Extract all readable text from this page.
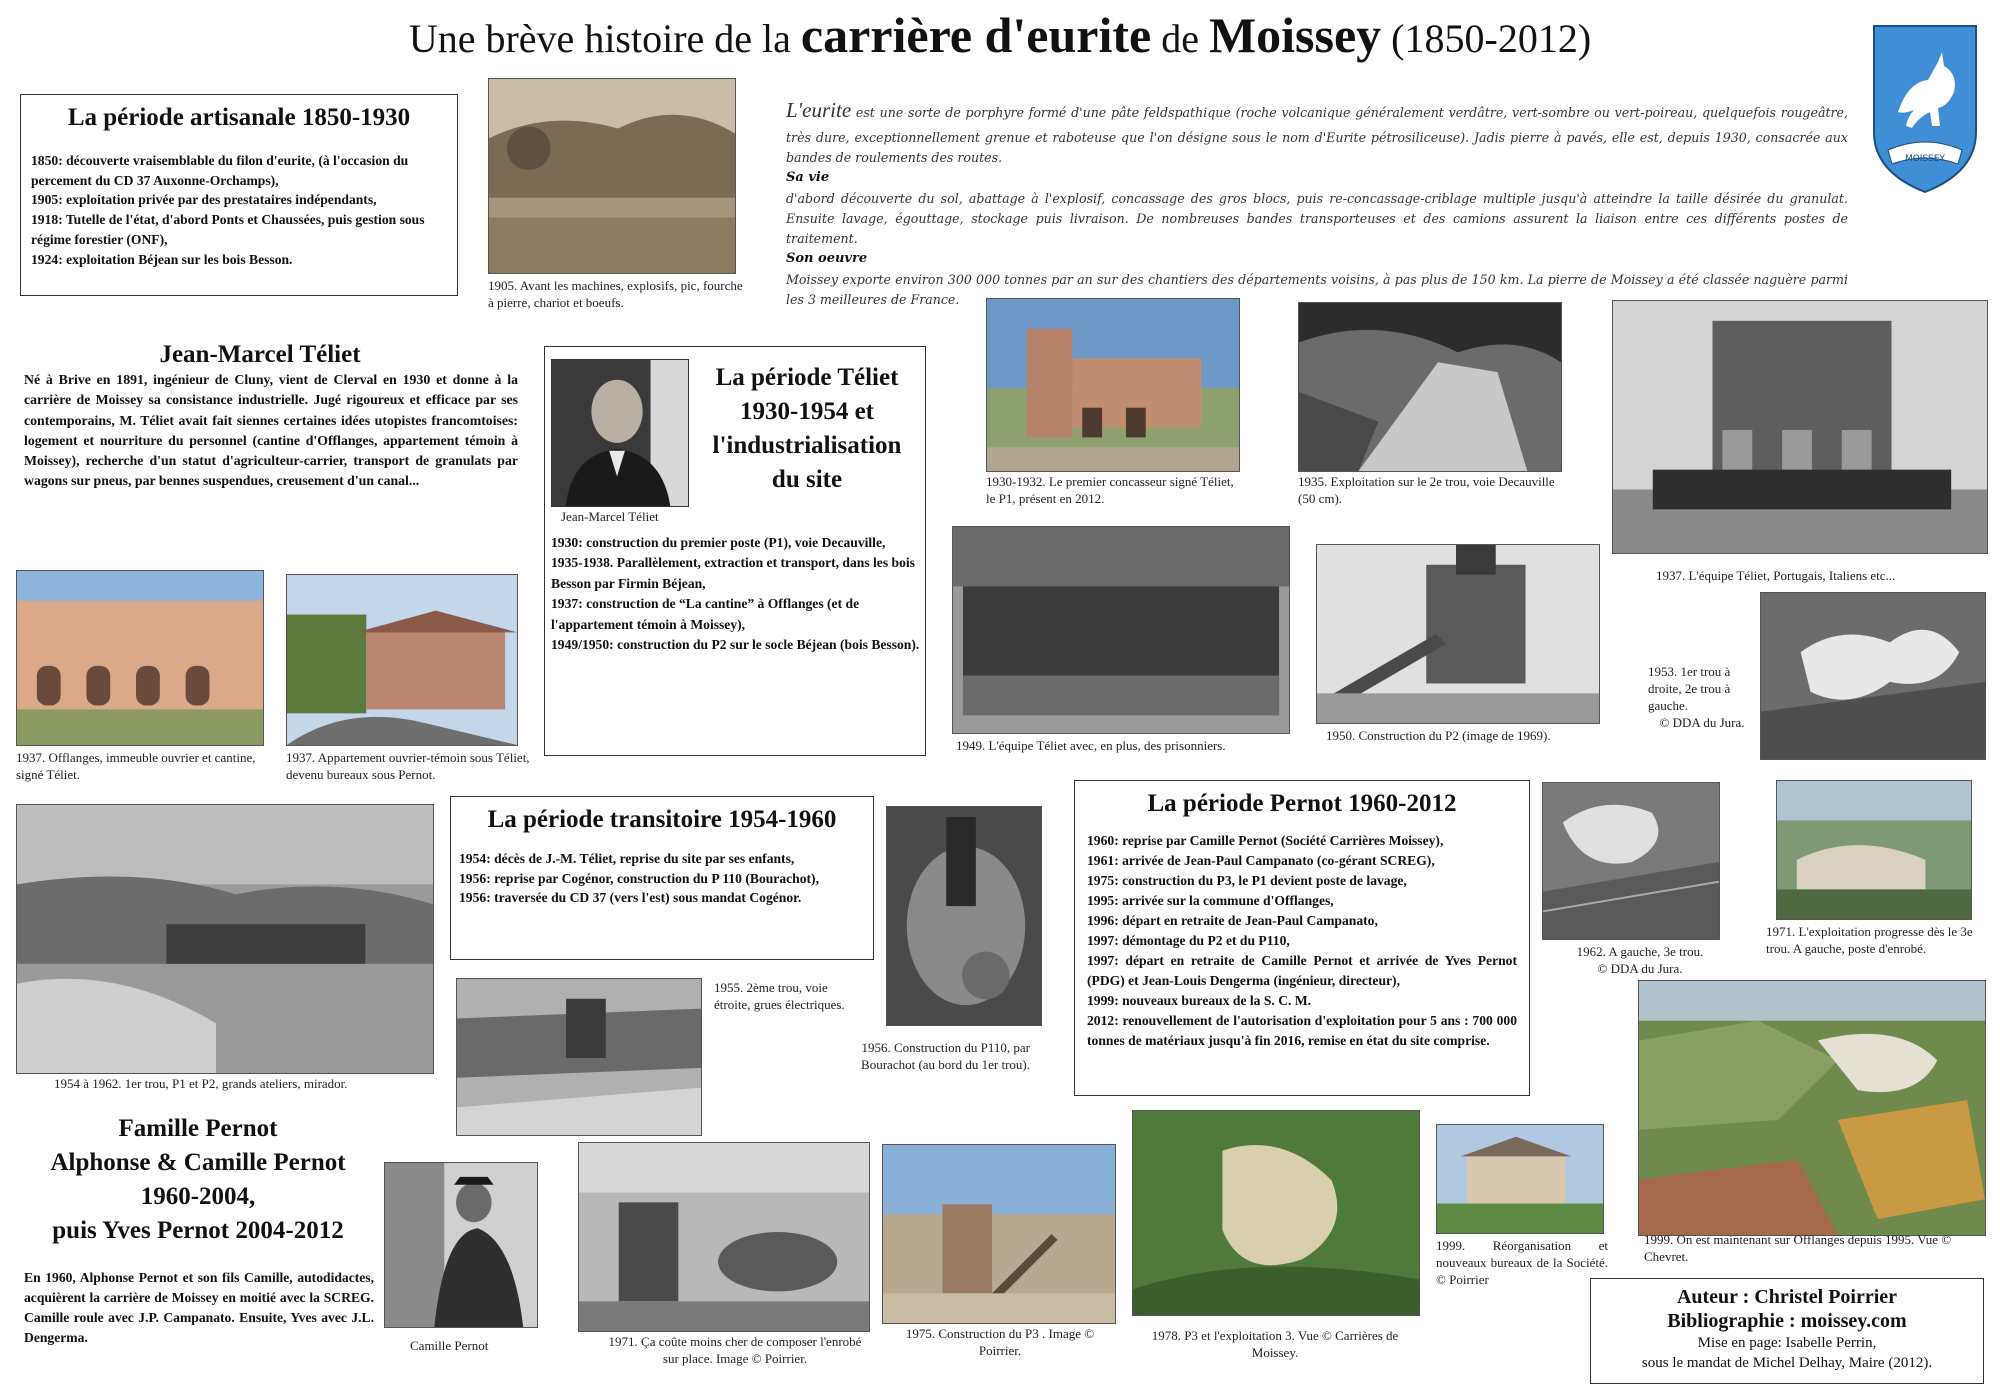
Une brève histoire de la carrière d'eurite de Moissey (1850-2012)
MOISSEY
La période artisanale 1850-1930
1850: découverte vraisemblable du filon d'eurite, (à l'occasion du percement du CD 37 Auxonne-Orchamps),
1905: exploitation privée par des prestataires indépendants,
1918: Tutelle de l'état, d'abord Ponts et Chaussées, puis gestion sous régime forestier (ONF),
1924: exploitation Béjean sur les bois Besson.
1905. Avant les machines, explosifs, pic, fourche à pierre, chariot et boeufs.
L'eurite est une sorte de porphyre formé d'une pâte feldspathique (roche volcanique généralement verdâtre, vert-sombre ou vert-poireau, quelquefois rougeâtre, très dure, exceptionnellement grenue et raboteuse que l'on désigne sous le nom d'Eurite pétrosiliceuse). Jadis pierre à pavés, elle est, depuis 1930, consacrée aux bandes de roulements des routes.
Sa vie
d'abord découverte du sol, abattage à l'explosif, concassage des gros blocs, puis re-concassage-criblage multiple jusqu'à atteindre la taille désirée du granulat. Ensuite lavage, égouttage, stockage puis livraison. De nombreuses bandes transporteuses et des camions assurent la liaison entre ces différents postes de traitement.
Son oeuvre
Moissey exporte environ 300 000 tonnes par an sur des chantiers des départements voisins, à pas plus de 150 km. La pierre de Moissey a été classée naguère parmi les 3 meilleures de France.
Jean-Marcel Téliet
Né à Brive en 1891, ingénieur de Cluny, vient de Clerval en 1930 et donne à la carrière de Moissey sa consistance industrielle. Jugé rigoureux et efficace par ses contemporains, M. Téliet avait fait siennes certaines idées utopistes francomtoises: logement et nourriture du personnel (cantine d'Offlanges, appartement témoin à Moissey), recherche d'un statut d'agriculteur-carrier, transport de granulats par wagons sur pneus, par bennes suspendues, creusement d'un canal...
Jean-Marcel Téliet
La période Téliet
1930-1954 et
l'industrialisation
du site
1930: construction du premier poste (P1), voie Decauville,
1935-1938. Parallèlement, extraction et transport, dans les bois Besson par Firmin Béjean,
1937: construction de “La cantine” à Offlanges (et de
l'appartement témoin à Moissey),
1949/1950: construction du P2 sur le socle Béjean (bois Besson).
1930-1932. Le premier concasseur signé Téliet, le P1, présent en 2012.
1935. Exploitation sur le 2e trou, voie Decauville (50 cm).
1937. L'équipe Téliet, Portugais, Italiens etc...
1937. Offlanges, immeuble ouvrier et cantine, signé Téliet.
1937. Appartement ouvrier-témoin sous Téliet, devenu bureaux sous Pernot.
1949. L'équipe Téliet avec, en plus, des prisonniers.
1950. Construction du P2 (image de 1969).
1953. 1er trou à droite, 2e trou à gauche.
© DDA du Jura.
1954 à 1962. 1er trou, P1 et P2, grands ateliers, mirador.
La période transitoire 1954-1960
1954: décès de J.-M. Téliet, reprise du site par ses enfants,
1956: reprise par Cogénor, construction du P 110 (Bourachot),
1956: traversée du CD 37 (vers l'est) sous mandat Cogénor.
1955. 2ème trou, voie étroite, grues électriques.
1956. Construction du P110, par Bourachot (au bord du 1er trou).
La période Pernot 1960-2012
1960: reprise par Camille Pernot (Société Carrières Moissey),
1961: arrivée de Jean-Paul Campanato (co-gérant SCREG),
1975: construction du P3, le P1 devient poste de lavage,
1995: arrivée sur la commune d'Offlanges,
1996: départ en retraite de Jean-Paul Campanato,
1997: démontage du P2 et du P110,
1997: départ en retraite de Camille Pernot et arrivée de Yves Pernot (PDG) et Jean-Louis Dengerma (ingénieur, directeur),
1999: nouveaux bureaux de la S. C. M.
2012: renouvellement de l'autorisation d'exploitation pour 5 ans : 700 000 tonnes de matériaux jusqu'à fin 2016, remise en état du site comprise.
1962. A gauche, 3e trou.
© DDA du Jura.
1971. L'exploitation progresse dès le 3e trou. A gauche, poste d'enrobé.
1999. On est maintenant sur Offlanges depuis 1995. Vue © Chevret.
Famille Pernot
Alphonse & Camille Pernot
1960-2004,
puis Yves Pernot 2004-2012
En 1960, Alphonse Pernot et son fils Camille, autodidactes, acquièrent la carrière de Moissey en moitié avec la SCREG. Camille roule avec J.P. Campanato. Ensuite, Yves avec J.L. Dengerma.
Camille Pernot	1971. Ça coûte moins cher de composer l'enrobé sur place. Image © Poirrier.
1975. Construction du P3 . Image © Poirrier.
1978. P3 et l'exploitation 3. Vue © Carrières de Moissey.
1999. Réorganisation et nouveaux bureaux de la Société. © Poirrier
Auteur : Christel Poirrier
Bibliographie : moissey.com
Mise en page: Isabelle Perrin,
sous le mandat de Michel Delhay, Maire (2012).
